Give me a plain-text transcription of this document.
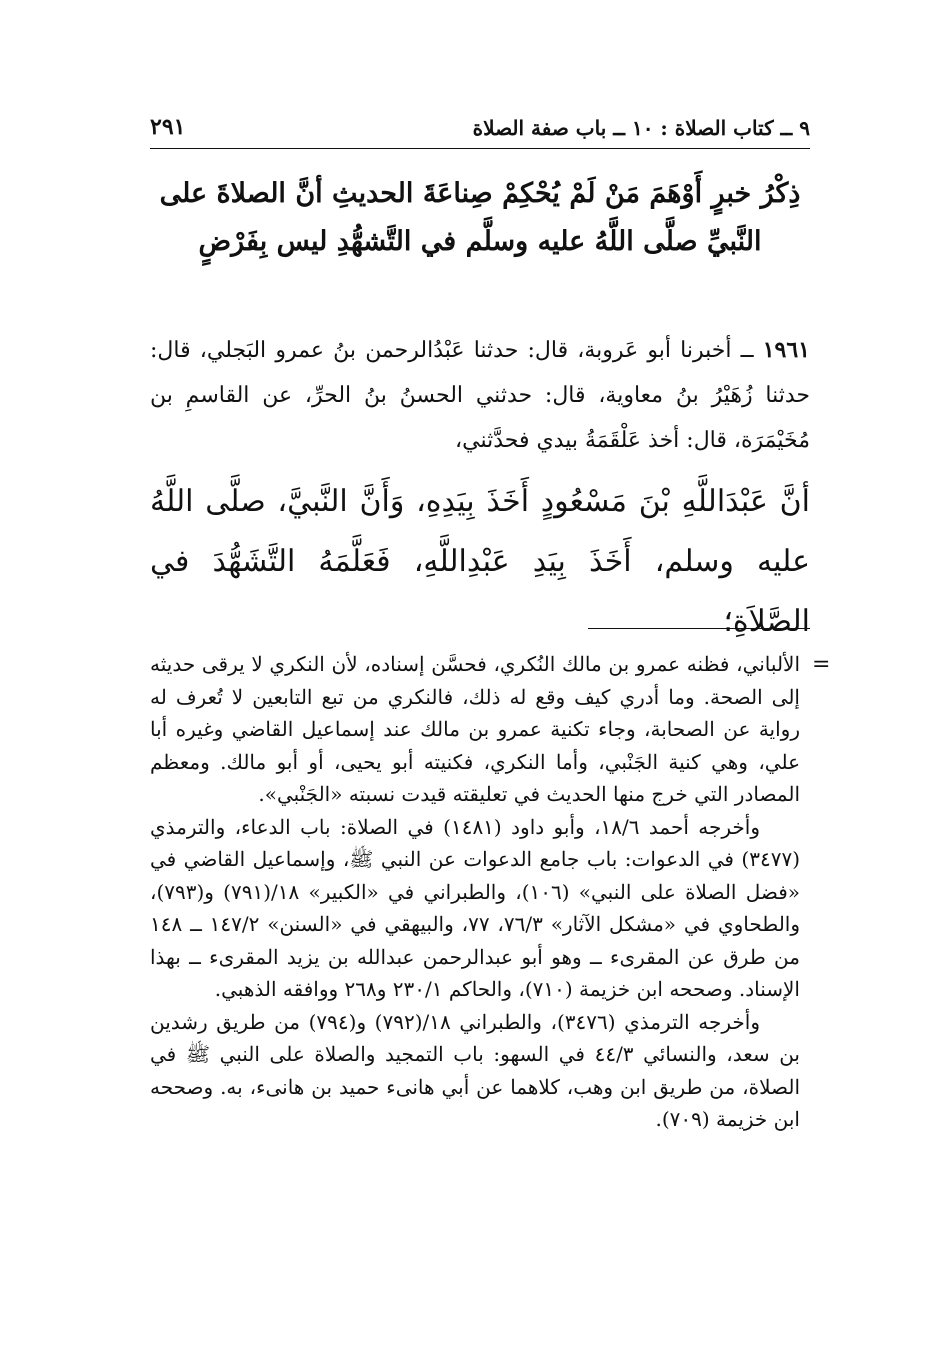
٩ ــ كتاب الصلاة : ١٠ ــ باب صفة الصلاة
٢٩١
ذِكْرُ خبرٍ أَوْهَمَ مَنْ لَمْ يُحْكِمْ صِناعَةَ الحديثِ أنَّ الصلاةَ على النَّبيِّ صلَّى اللَّهُ عليه وسلَّم في التَّشهُّدِ ليس بِفَرْضٍ
١٩٦١ ــ أخبرنا أبو عَروبة، قال: حدثنا عَبْدُالرحمن بنُ عمرو البَجلي، قال: حدثنا زُهَيْرُ بنُ معاوية، قال: حدثني الحسنُ بنُ الحرِّ، عن القاسمِ بن مُخَيْمَرَة، قال: أخذ عَلْقَمَةُ بيدي فحدَّثني،
أنَّ عَبْدَاللَّهِ بْنَ مَسْعُودٍ أَخَذَ بِيَدِهِ، وَأَنَّ النَّبيَّ، صلَّى اللَّهُ عليه وسلم، أَخَذَ بِيَدِ عَبْدِاللَّهِ، فَعَلَّمَهُ التَّشَهُّدَ في الصَّلاَةِ؛
=

الألباني، فظنه عمرو بن مالك النُكري، فحسَّن إسناده، لأن النكري لا يرقى حديثه إلى الصحة. وما أدري كيف وقع له ذلك، فالنكري من تبع التابعين لا تُعرف له رواية عن الصحابة، وجاء تكنية عمرو بن مالك عند إسماعيل القاضي وغيره أبا علي، وهي كنية الجَنْبي، وأما النكري، فكنيته أبو يحيى، أو أبو مالك. ومعظم المصادر التي خرج منها الحديث في تعليقته قيدت نسبته «الجَنْبي».

وأخرجه أحمد ١٨/٦، وأبو داود (١٤٨١) في الصلاة: باب الدعاء، والترمذي (٣٤٧٧) في الدعوات: باب جامع الدعوات عن النبي ﷺ، وإسماعيل القاضي في «فضل الصلاة على النبي» (١٠٦)، والطبراني في «الكبير» ١٨/(٧٩١) و(٧٩٣)، والطحاوي في «مشكل الآثار» ٧٦/٣، ٧٧، والبيهقي في «السنن» ١٤٧/٢ ــ ١٤٨ من طرق عن المقرىء ــ وهو أبو عبدالرحمن عبدالله بن يزيد المقرىء ــ بهذا الإسناد. وصححه ابن خزيمة (٧١٠)، والحاكم ٢٣٠/١ و٢٦٨ ووافقه الذهبي.

وأخرجه الترمذي (٣٤٧٦)، والطبراني ١٨/(٧٩٢) و(٧٩٤) من طريق رشدين بن سعد، والنسائي ٤٤/٣ في السهو: باب التمجيد والصلاة على النبي ﷺ في الصلاة، من طريق ابن وهب، كلاهما عن أبي هانىء حميد بن هانىء، به. وصححه ابن خزيمة (٧٠٩).
